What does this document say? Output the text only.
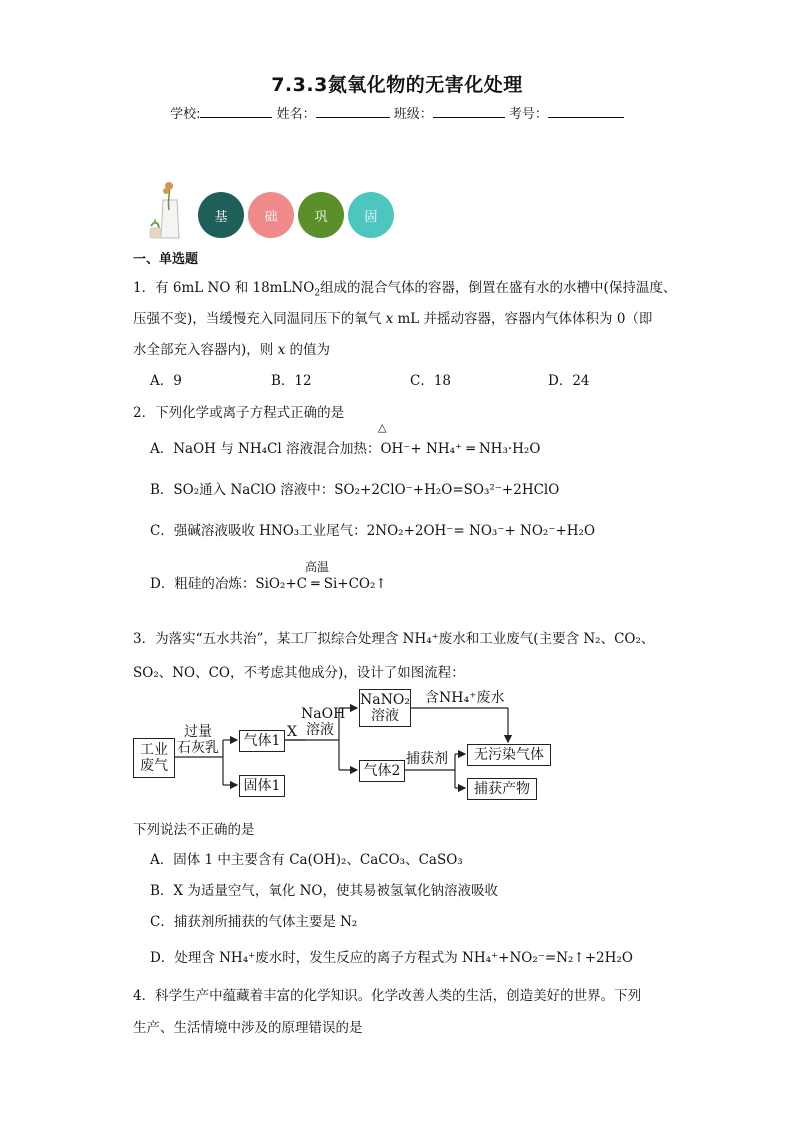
7.3.3氮氧化物的无害化处理
学校:	姓名：	班级：	考号：
基	础	巩	固
一、单选题
1．有 6mL NO 和 18mLNO$_2$组成的混合气体的容器，倒置在盛有水的水槽中(保持温度、
压强不变)，当缓慢充入同温同压下的氧气 x mL 并摇动容器，容器内气体体积为 0（即
水全部充入容器内)，则 x 的值为
A．9	B．12	C．18	D．24
2．下列化学或离子方程式正确的是
△
A．NaOH 与 NH₄Cl 溶液混合加热：OH⁻+ NH₄⁺ ═ NH₃·H₂O
B．SO₂通入 NaClO 溶液中：SO₂+2ClO⁻+H₂O=SO₃²⁻+2HClO
C．强碱溶液吸收 HNO₃工业尾气：2NO₂+2OH⁻= NO₃⁻+ NO₂⁻+H₂O
高温
D．粗硅的冶炼：SiO₂+C ═ Si+CO₂↑
3．为落实“五水共治”，某工厂拟综合处理含 NH₄⁺废水和工业废气(主要含 N₂、CO₂、
SO₂、NO、CO，不考虑其他成分)，设计了如图流程：
工业
废气
过量
石灰乳	气体1
固体1
X
NaOH
溶液
NaNO₂
溶液
含NH₄⁺废水
气体2
捕获剂	无污染气体
捕获产物
下列说法不正确的是
A．固体 1 中主要含有 Ca(OH)₂、CaCO₃、CaSO₃
B．X 为适量空气，氧化 NO，使其易被氢氧化钠溶液吸收
C．捕获剂所捕获的气体主要是 N₂
D．处理含 NH₄⁺废水时，发生反应的离子方程式为 NH₄⁺+NO₂⁻=N₂↑+2H₂O
4．科学生产中蕴藏着丰富的化学知识。化学改善人类的生活，创造美好的世界。下列
生产、生活情境中涉及的原理错误的是
